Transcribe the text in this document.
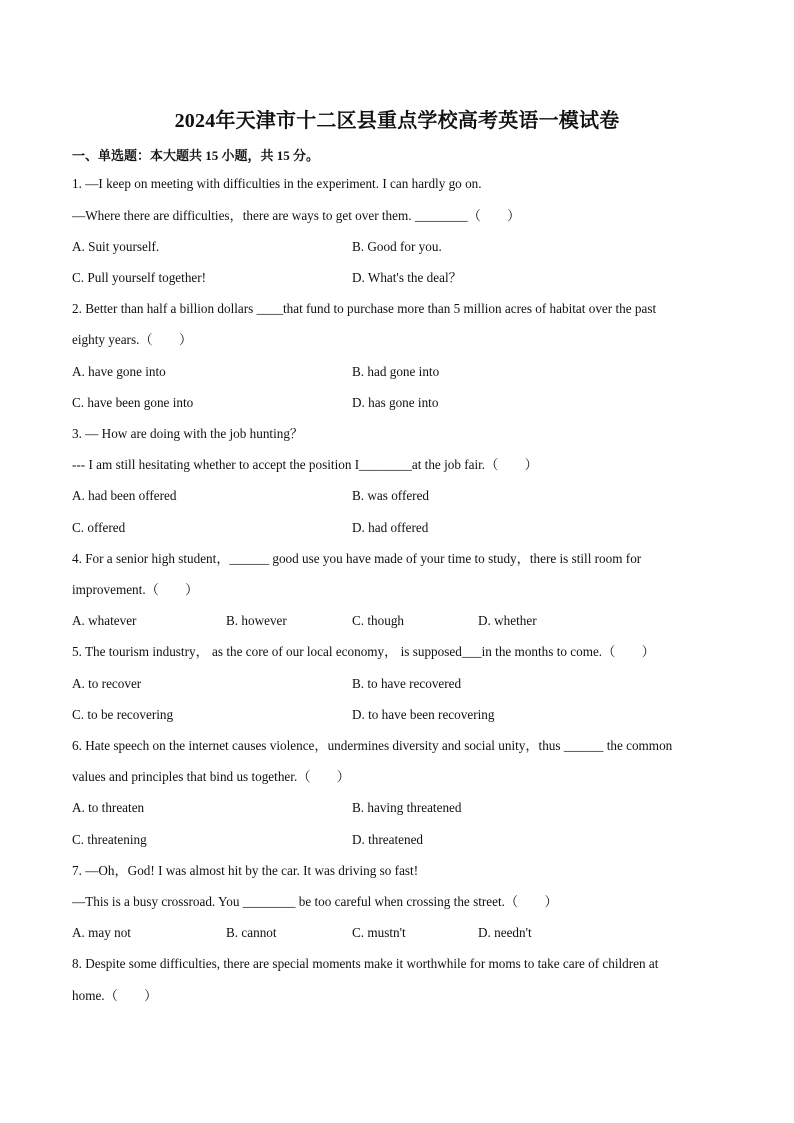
2024年天津市十二区县重点学校高考英语一模试卷
一、单选题：本大题共 15 小题，共 15 分。
1. —I keep on meeting with difficulties in the experiment. I can hardly go on.
—Where there are difficulties，there are ways to get over them. ________（　　）
A. Suit yourself.	B. Good for you.
C. Pull yourself together!	D. What's the deal？
2. Better than half a billion dollars ____that fund to purchase more than 5 million acres of habitat over the past
eighty years.（　　）
A. have gone into	B. had gone into
C. have been gone into	D. has gone into
3. — How are doing with the job hunting？
--- I am still hesitating whether to accept the position I________at the job fair.（　　）
A. had been offered	B. was offered
C. offered	D. had offered
4. For a senior high student，______ good use you have made of your time to study，there is still room for
improvement.（　　）
A. whatever	B. however	C. though	D. whether
5. The tourism industry， as the core of our local economy， is supposed___in the months to come.（　　）
A. to recover	B. to have recovered
C. to be recovering	D. to have been recovering
6. Hate speech on the internet causes violence，undermines diversity and social unity，thus ______ the common
values and principles that bind us together.（　　）
A. to threaten	B. having threatened
C. threatening	D. threatened
7. —Oh，God! I was almost hit by the car. It was driving so fast!
—This is a busy crossroad. You ________ be too careful when crossing the street.（　　）
A. may not	B. cannot	C. mustn't	D. needn't
8. Despite some difficulties, there are special moments make it worthwhile for moms to take care of children at
home.（　　）
